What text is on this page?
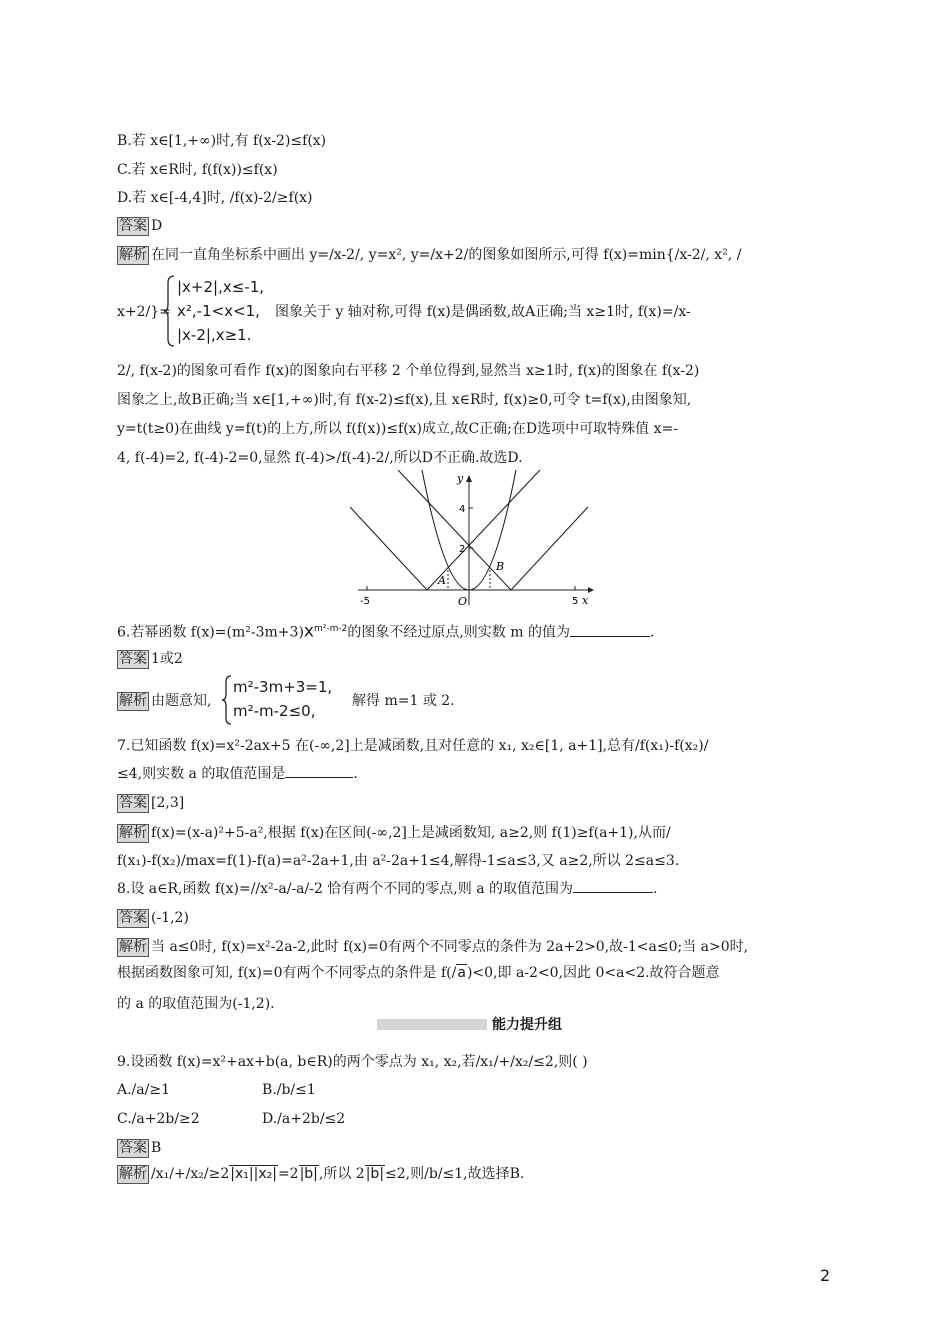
B.若 x∈[1,+∞)时,有 f(x-2)≤f(x)
C.若 x∈R时, f(f(x))≤f(x)
D.若 x∈[-4,4]时, /f(x)-2/≥f(x)
答案 D
解析 在同一直角坐标系中画出 y=/x-2/, y=x², y=/x+2/的图象如图所示,可得 f(x)=min{/x-2/, x², /
x+2/}=
|x+2|,x≤-1,
x²,-1<x<1,
|x-2|,x≥1.
图象关于 y 轴对称,可得 f(x)是偶函数,故A正确;当 x≥1时, f(x)=/x-
2/, f(x-2)的图象可看作 f(x)的图象向右平移 2 个单位得到,显然当 x≥1时, f(x)的图象在 f(x-2)
图象之上,故B正确;当 x∈[1,+∞)时,有 f(x-2)≤f(x),且 x∈R时, f(x)≥0,可令 t=f(x),由图象知,
y=t(t≥0)在曲线 y=f(t)的上方,所以 f(f(x))≤f(x)成立,故C正确;在D选项中可取特殊值 x=-
4, f(-4)=2, f(-4)-2=0,显然 f(-4)>/f(-4)-2/,所以D不正确.故选D.
-5	5
2
4
x
y
O
A
B
6.若幂函数 $f(x)=(m^2-3m+3)x^{m^2-m-2}$的图象不经过原点,则实数 m 的值为	.
答案 1或2
解析 由题意知,
m²-3m+3=1,
m²-m-2≤0,
解得 m=1 或 2.
7.已知函数 f(x)=x²-2ax+5 在(-∞,2]上是减函数,且对任意的 x₁, x₂∈[1, a+1],总有/f(x₁)-f(x₂)/
≤4,则实数 a 的取值范围是	.
答案 [2,3]
解析 f(x)=(x-a)²+5-a²,根据 f(x)在区间(-∞,2]上是减函数知, a≥2,则 f(1)≥f(a+1),从而/
f(x₁)-f(x₂)/max=f(1)-f(a)=a²-2a+1,由 a²-2a+1≤4,解得-1≤a≤3,又 a≥2,所以 2≤a≤3.
8.设 a∈R,函数 f(x)=//x²-a/-a/-2 恰有两个不同的零点,则 a 的取值范围为	.
答案 (-1,2)
解析 当 a≤0时, f(x)=x²-2a-2,此时 f(x)=0有两个不同零点的条件为 2a+2>0,故-1<a≤0;当 a>0时,
根据函数图象可知, f(x)=0有两个不同零点的条件是 f(/a)<0,即 a-2<0,因此 0<a<2.故符合题意
的 a 的取值范围为(-1,2).
能力提升组
9.设函数 f(x)=x²+ax+b(a, b∈R)的两个零点为 x₁, x₂,若/x₁/+/x₂/≤2,则( )
A./a/≥1	B./b/≤1
C./a+2b/≥2	D./a+2b/≤2
答案 B
解析 /x₁/+/x₂/≥2|x₁||x₂|=2|b|,所以 2|b|≤2,则/b/≤1,故选择B.
2
